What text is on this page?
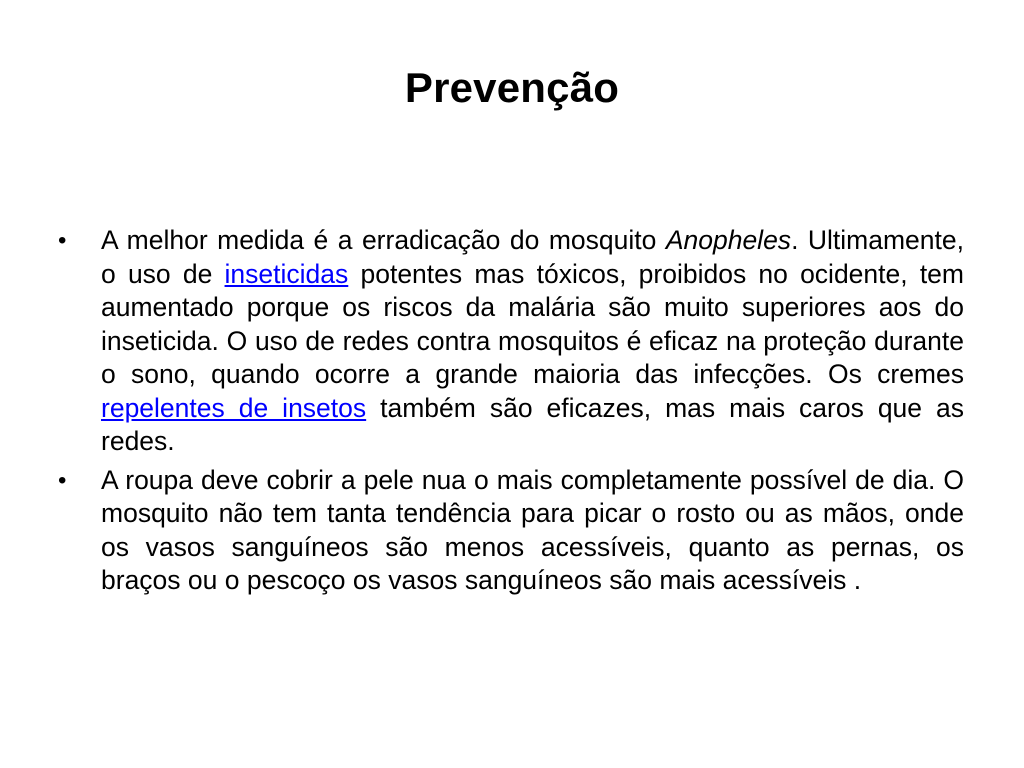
Prevenção
•	A melhor medida é a erradicação do mosquito Anopheles. Ultimamente, o uso de inseticidas potentes mas tóxicos, proibidos no ocidente, tem aumentado porque os riscos da malária são muito superiores aos do inseticida. O uso de redes contra mosquitos é eficaz na proteção durante o sono, quando ocorre a grande maioria das infecções. Os cremes repelentes de insetos também são eficazes, mas mais caros que as redes.
•	A roupa deve cobrir a pele nua o mais completamente possível de dia. O mosquito não tem tanta tendência para picar o rosto ou as mãos, onde os vasos sanguíneos são menos acessíveis, quanto as pernas, os braços ou o pescoço os vasos sanguíneos são mais acessíveis .
